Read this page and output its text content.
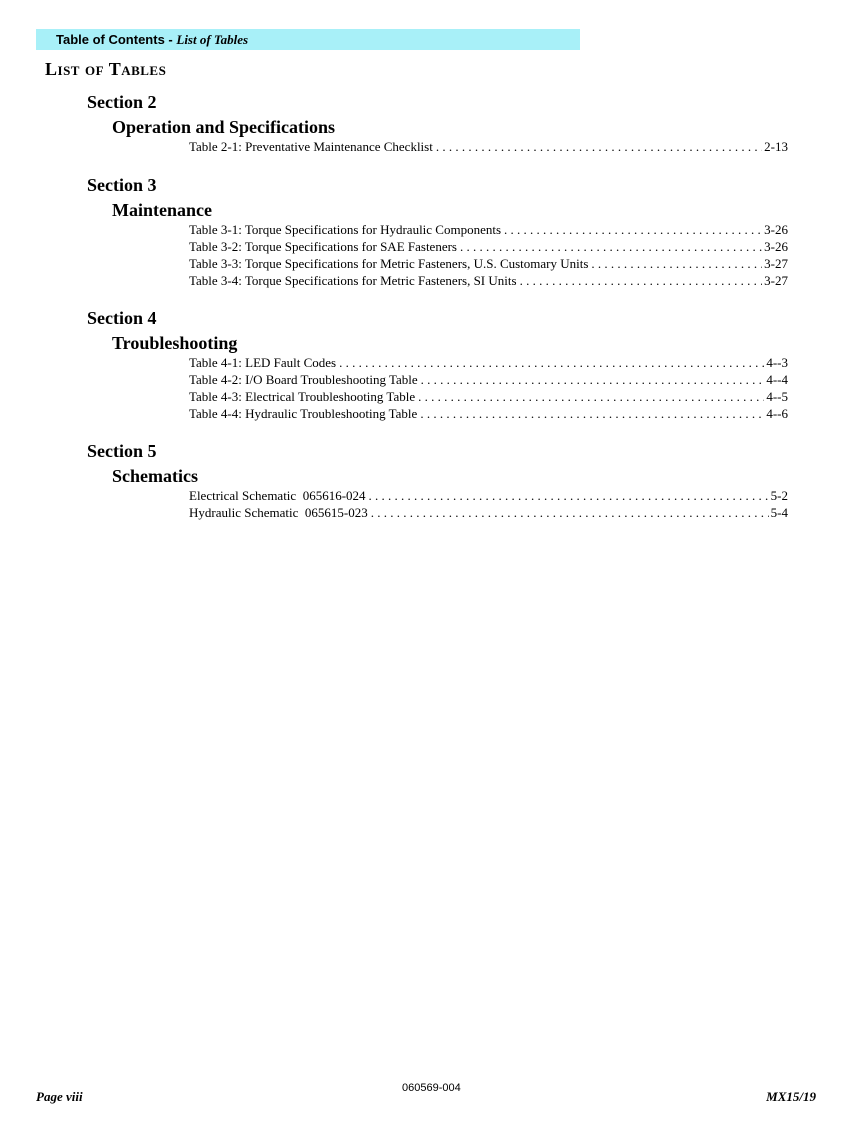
Table of Contents - List of Tables
List of Tables
Section 2
Operation and Specifications
Table 2-1: Preventative Maintenance Checklist . . .	2-13
Section 3
Maintenance
Table 3-1: Torque Specifications for Hydraulic Components . . .	3-26
Table 3-2: Torque Specifications for SAE Fasteners . . .	3-26
Table 3-3: Torque Specifications for Metric Fasteners, U.S. Customary Units . . .	3-27
Table 3-4: Torque Specifications for Metric Fasteners, SI Units . . .	3-27
Section 4
Troubleshooting
Table 4-1: LED Fault Codes . . .	4--3
Table 4-2: I/O Board Troubleshooting Table . . .	4--4
Table 4-3: Electrical Troubleshooting Table . . .	4--5
Table 4-4: Hydraulic Troubleshooting Table . . .	4--6
Section 5
Schematics
Electrical Schematic  065616-024 . . .	5-2
Hydraulic Schematic  065615-023 . . .	5-4
Page viii
060569-004
MX15/19
